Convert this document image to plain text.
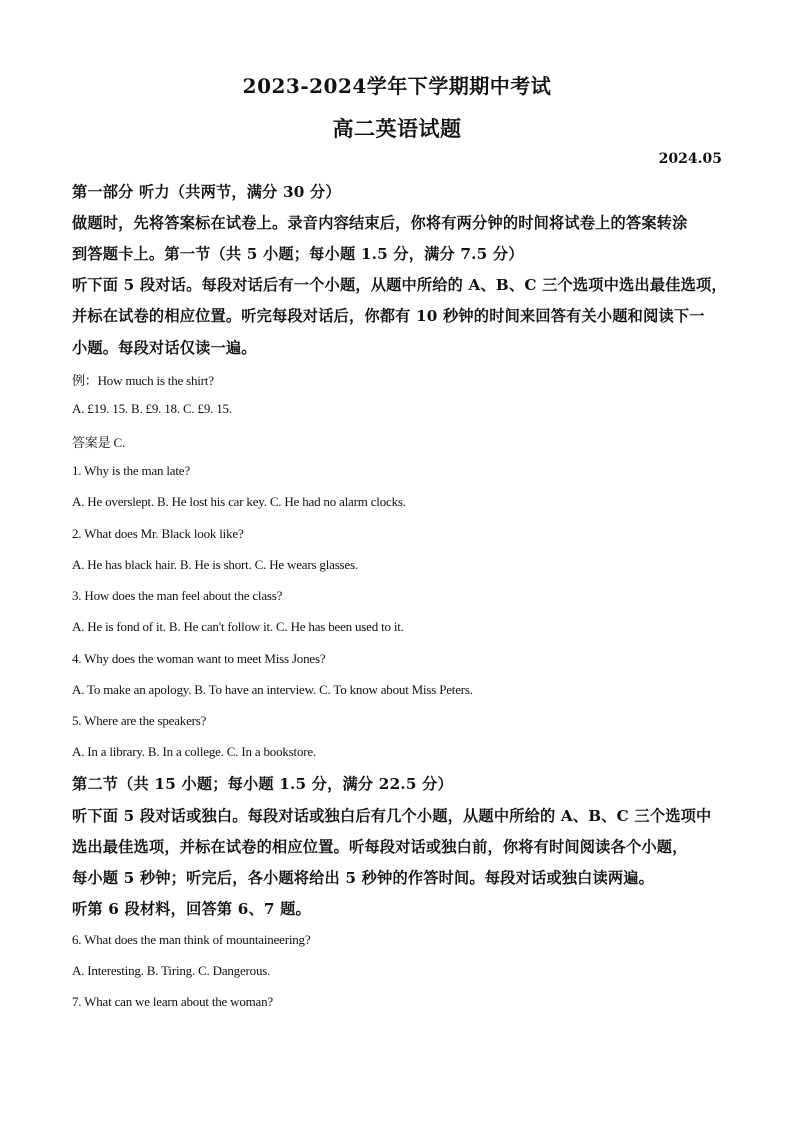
2023-2024学年下学期期中考试
高二英语试题
2024.05
第一部分 听力（共两节，满分 30 分）
做题时，先将答案标在试卷上。录音内容结束后，你将有两分钟的时间将试卷上的答案转涂
到答题卡上。第一节（共 5 小题；每小题 1.5 分，满分 7.5 分）
听下面 5 段对话。每段对话后有一个小题，从题中所给的 A、B、C 三个选项中选出最佳选项，
并标在试卷的相应位置。听完每段对话后，你都有 10 秒钟的时间来回答有关小题和阅读下一
小题。每段对话仅读一遍。
例：How much is the shirt?
A. £19. 15. B. £9. 18. C. £9. 15.
答案是 C.
1. Why is the man late?
A. He overslept. B. He lost his car key. C. He had no alarm clocks.
2. What does Mr. Black look like?
A. He has black hair. B. He is short. C. He wears glasses.
3. How does the man feel about the class?
A. He is fond of it. B. He can't follow it. C. He has been used to it.
4. Why does the woman want to meet Miss Jones?
A. To make an apology. B. To have an interview. C. To know about Miss Peters.
5. Where are the speakers?
A. In a library. B. In a college. C. In a bookstore.
第二节（共 15 小题；每小题 1.5 分，满分 22.5 分）
听下面 5 段对话或独白。每段对话或独白后有几个小题，从题中所给的 A、B、C 三个选项中
选出最佳选项，并标在试卷的相应位置。听每段对话或独白前，你将有时间阅读各个小题，
每小题 5 秒钟；听完后，各小题将给出 5 秒钟的作答时间。每段对话或独白读两遍。
听第 6 段材料，回答第 6、7 题。
6. What does the man think of mountaineering?
A. Interesting. B. Tiring. C. Dangerous.
7. What can we learn about the woman?
